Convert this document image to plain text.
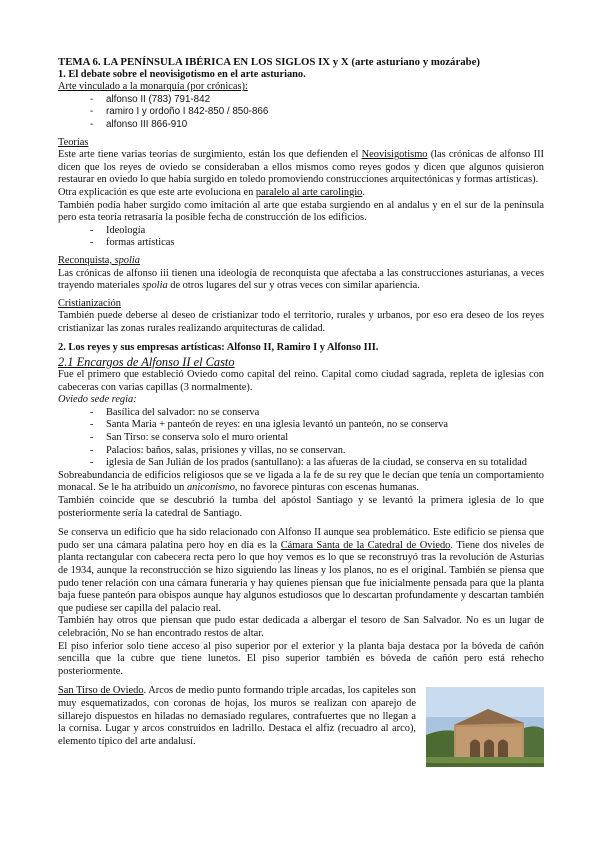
TEMA 6. LA PENÍNSULA IBÉRICA EN LOS SIGLOS IX y X (arte asturiano y mozárabe)
1. El debate sobre el neovisigotismo en el arte asturiano.
Arte vinculado a la monarquía (por crónicas):
- alfonso II (783) 791-842
- ramiro I y ordoño I 842-850 / 850-866
- alfonso III 866-910
Teorías

Este arte tiene varias teorías de surgimiento, están los que defienden el Neovisigotismo (las crónicas de alfonso III dicen que los reyes de oviedo se consideraban a ellos mismos como reyes godos y dicen que algunos quisieron restaurar en oviedo lo que había surgido en toledo promoviendo construcciones arquitectónicas y formas artísticas).

Otra explicación es que este arte evoluciona en paralelo al arte carolingio.

También podía haber surgido como imitación al arte que estaba surgiendo en al andalus y en el sur de la península pero esta teoría retrasaría la posible fecha de construcción de los edificios.

- Ideología
- formas artísticas
Reconquista, spolia

Las crónicas de alfonso iii tienen una ideología de reconquista que afectaba a las construcciones asturianas, a veces trayendo materiales spolia de otros lugares del sur y otras veces con similar apariencia.

Cristianización

También puede deberse al deseo de cristianizar todo el territorio, rurales y urbanos, por eso era deseo de los reyes cristianizar las zonas rurales realizando arquitecturas de calidad.

2. Los reyes y sus empresas artísticas: Alfonso II, Ramiro I y Alfonso III.
2.1 Encargos de Alfonso II el Casto

Fue el primero que estableció Oviedo como capital del reino. Capital como ciudad sagrada, repleta de iglesias con cabeceras con varias capillas (3 normalmente).

Oviedo sede regia:
- Basílica del salvador: no se conserva
- Santa Maria + panteón de reyes: en una iglesia levantó un panteón, no se conserva
- San Tirso: se conserva solo el muro oriental
- Palacios: baños, salas, prisiones y villas, no se conservan.
- iglesia de San Julián de los prados (santullano): a las afueras de la ciudad, se conserva en su totalidad

Sobreabundancia de edificios religiosos que se ve ligada a la fe de su rey que le decían que tenía un comportamiento monacal. Se le ha atribuido un aniconismo, no favorece pinturas con escenas humanas.

También coincide que se descubrió la tumba del apóstol Santiago y se levantó la primera iglesia de lo que posteriormente sería la catedral de Santiago.

Se conserva un edificio que ha sido relacionado con Alfonso II aunque sea problemático. Este edificio se piensa que pudo ser una cámara palatina pero hoy en día es la Cámara Santa de la Catedral de Oviedo. Tiene dos niveles de planta rectangular con cabecera recta pero lo que hoy vemos es lo que se reconstruyó tras la revolución de Asturias de 1934, aunque la reconstrucción se hizo siguiendo las líneas y los planos, no es el original. También se piensa que pudo tener relación con una cámara funeraria y hay quienes piensan que fue inicialmente pensada para que la planta baja fuese panteón para obispos aunque hay algunos estudiosos que lo descartan profundamente y descartan también que pudiese ser capilla del palacio real.

También hay otros que piensan que pudo estar dedicada a albergar el tesoro de San Salvador. No es un lugar de celebración, No se han encontrado restos de altar.

El piso inferior solo tiene acceso al piso superior por el exterior y la planta baja destaca por la bóveda de cañón sencilla que la cubre que tiene lunetos. El piso superior también es bóveda de cañón pero está rehecho posteriormente.

San Tirso de Oviedo. Arcos de medio punto formando triple arcadas, los capiteles son muy esquematizados, con coronas de hojas, los muros se realizan con aparejo de sillarejo dispuestos en hiladas no demasiado regulares, contrafuertes que no llegan a la cornisa. Lugar y arcos construidos en ladrillo. Destaca el alfiz (recuadro al arco), elemento típico del arte andalusí.
